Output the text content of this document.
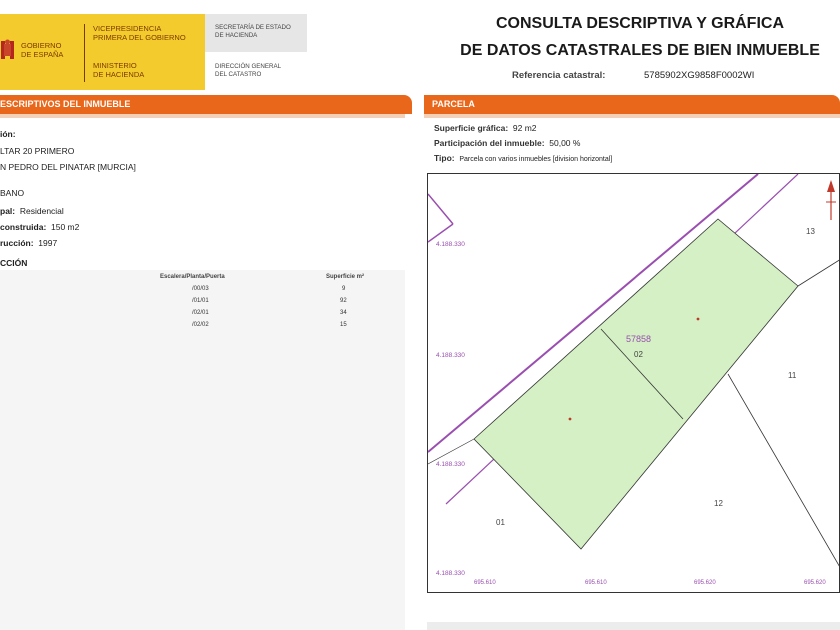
GOBIERNO
DE ESPAÑA
VICEPRESIDENCIA
PRIMERA DEL GOBIERNO
MINISTERIO
DE HACIENDA
SECRETARÍA DE ESTADO
DE HACIENDA
DIRECCIÓN GENERAL
DEL CATASTRO
CONSULTA DESCRIPTIVA Y GRÁFICA
DE DATOS CATASTRALES DE BIEN INMUEBLE
Referencia catastral:	5785902XG9858F0002WI
ESCRIPTIVOS DEL INMUEBLE	PARCELA
ión:
LTAR 20 PRIMERO
N PEDRO DEL PINATAR [MURCIA]
BANO
pal: Residencial
construida: 150 m2
rucción: 1997
CCIÓN
Escalera/Planta/Puerta	Superficie m²
/00/03	9
/01/01	92
/02/01	34
/02/02	15
Superficie gráfica: 92 m2
Participación del inmueble: 50,00 %
Tipo: Parcela con varios inmuebles [division horizontal]
57858
13
02
11
12
01
4.188.330
4.188.330
4.188.330
4.188.330
695.610	695.610	695.620	695.620
